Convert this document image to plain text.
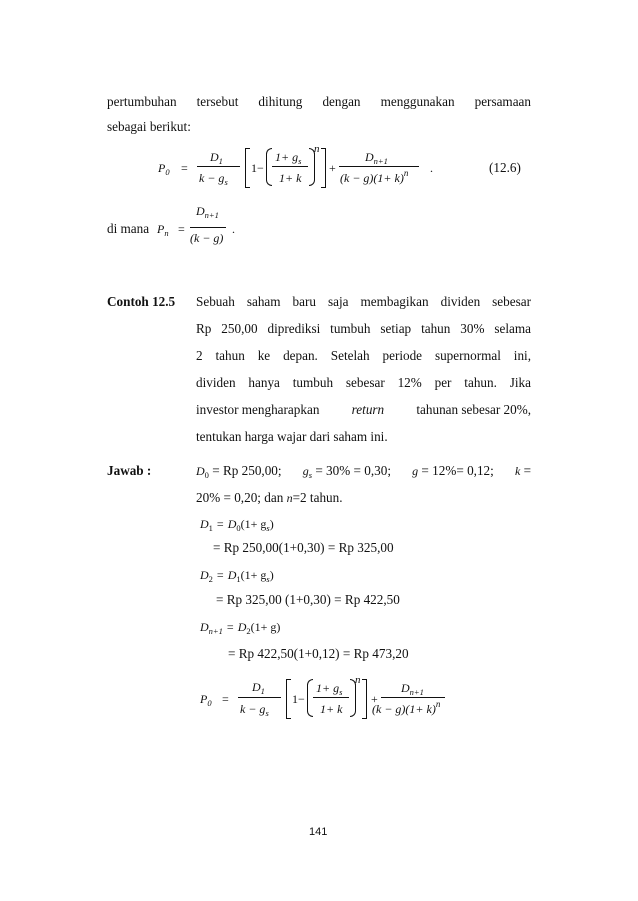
pertumbuhan tersebut dihitung dengan menggunakan persamaan
sebagai berikut:
$P_0$ =
$D_1$
$k - g_s$
1−
$1+ g_s$
1+ k
n
+
$D_{n+1}$
$(k - g)(1+ k)^n$ .	(12.6)
di mana $P_n$ =
$D_{n+1}$
(k − g)
.
Contoh 12.5 Sebuah saham baru saja membagikan dividen sebesar
Rp 250,00 diprediksi tumbuh setiap tahun 30% selama
2 tahun ke depan. Setelah periode supernormal ini,
dividen hanya tumbuh sebesar 12% per tahun. Jika
investor mengharapkan return tahunan sebesar 20%,
tentukan harga wajar dari saham ini.
Jawab :	$D_0 = Rp$ 250,00; $g_s = 30\% = 0,30$; g = 12%= 0,12; k =
20% = 0,20; dan n=2 tahun.
D1 = D0(1+ gs)
= Rp 250,00(1+0,30) = Rp 325,00
D2 = D1(1+ gs)
= Rp 325,00 (1+0,30) = Rp 422,50
Dn+1 = D2(1+ g)
= Rp 422,50(1+0,12) = Rp 473,20
$P_0$ =
$D_1$
$k - g_s$
1−
$1+ g_s$
1+ k
n
+
$D_{n+1}$
$(k - g)(1+ k)^n$
141
